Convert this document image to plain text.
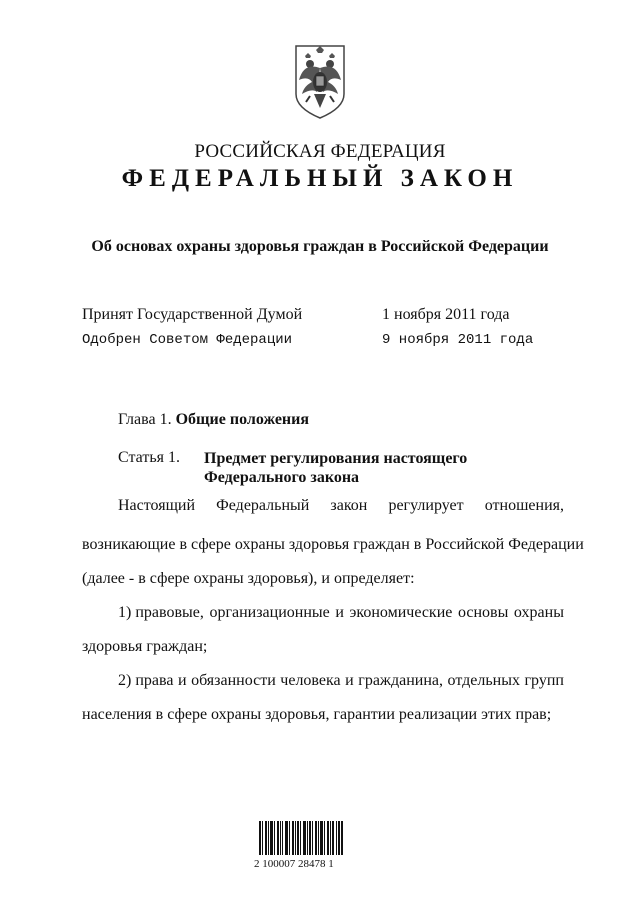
РОССИЙСКАЯ ФЕДЕРАЦИЯ
ФЕДЕРАЛЬНЫЙ ЗАКОН
Об основах охраны здоровья граждан в Российской Федерации
Принят Государственной Думой	1 ноября 2011 года
Одобрен Советом Федерации	9 ноября 2011 года
Глава 1. Общие положения
Статья 1. Предмет регулирования настоящего Федерального закона
Настоящий Федеральный закон регулирует отношения,
возникающие в сфере охраны здоровья граждан в Российской Федерации
(далее - в сфере охраны здоровья), и определяет:
1) правовые, организационные и экономические основы охраны
здоровья граждан;
2) права и обязанности человека и гражданина, отдельных групп
населения в сфере охраны здоровья, гарантии реализации этих прав;
2 100007 28478 1
